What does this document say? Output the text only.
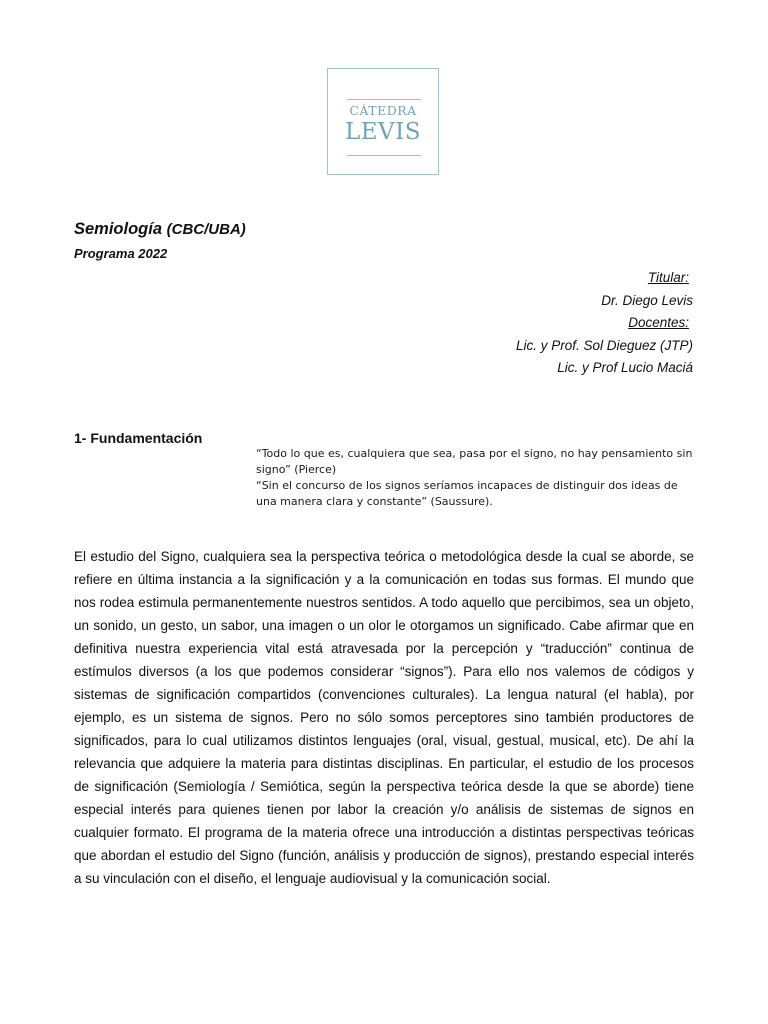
CÁTEDRA
LEVIS
Semiología (CBC/UBA)
Programa 2022
Titular:
Dr. Diego Levis
Docentes:
Lic. y Prof. Sol Dieguez (JTP)
Lic. y Prof Lucio Maciá
1- Fundamentación

“Todo lo que es, cualquiera que sea, pasa por el signo, no hay pensamiento sin signo” (Pierce)

“Sin el concurso de los signos seríamos incapaces de distinguir dos ideas de una manera clara y constante” (Saussure).

El estudio del Signo, cualquiera sea la perspectiva teórica o metodológica desde la cual se aborde, se refiere en última instancia a la significación y a la comunicación en todas sus formas. El mundo que nos rodea estimula permanentemente nuestros sentidos. A todo aquello que percibimos, sea un objeto, un sonido, un gesto, un sabor, una imagen o un olor le otorgamos un significado. Cabe afirmar que en definitiva nuestra experiencia vital está atravesada por la percepción y “traducción” continua de estímulos diversos (a los que podemos considerar “signos”). Para ello nos valemos de códigos y sistemas de significación compartidos (convenciones culturales). La lengua natural (el habla), por ejemplo, es un sistema de signos. Pero no sólo somos perceptores sino también productores de significados, para lo cual utilizamos distintos lenguajes (oral, visual, gestual, musical, etc). De ahí la relevancia que adquiere la materia para distintas disciplinas. En particular, el estudio de los procesos de significación (Semiología / Semiótica, según la perspectiva teórica desde la que se aborde) tiene especial interés para quienes tienen por labor la creación y/o análisis de sistemas de signos en cualquier formato. El programa de la materia ofrece una introducción a distintas perspectivas teóricas que abordan el estudio del Signo (función, análisis y producción de signos), prestando especial interés a su vinculación con el diseño, el lenguaje audiovisual y la comunicación social.
